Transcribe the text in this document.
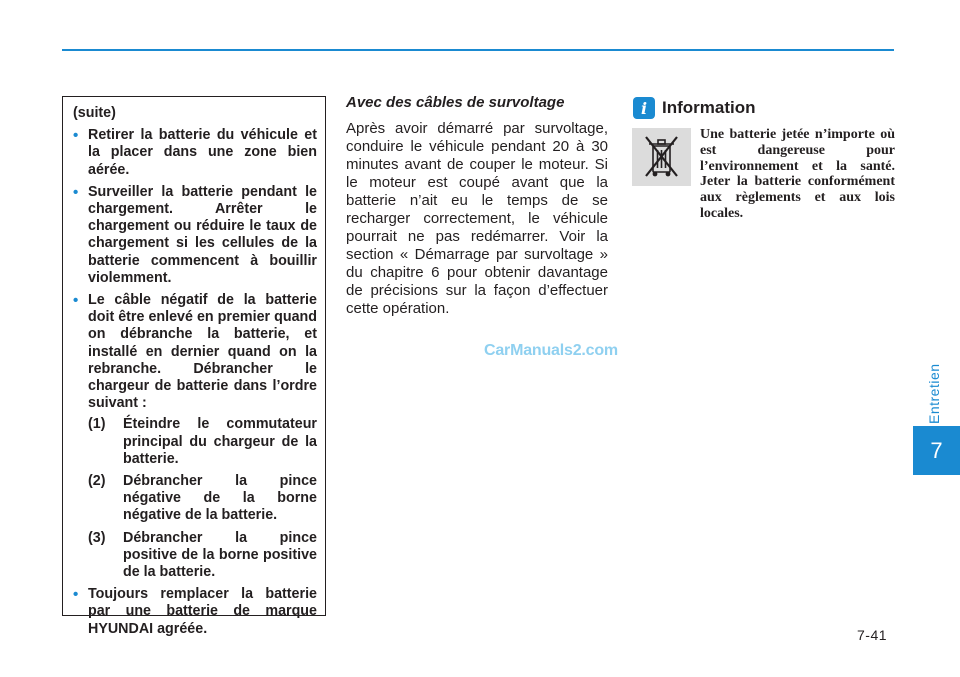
(suite)
• Retirer la batterie du véhicule et la placer dans une zone bien aérée.
• Surveiller la batterie pendant le chargement. Arrêter le chargement ou réduire le taux de chargement si les cellules de la batterie commencent à bouillir violemment.
• Le câble négatif de la batterie doit être enlevé en premier quand on débranche la batterie, et installé en dernier quand on la rebranche. Débrancher le chargeur de batterie dans l’ordre suivant :
(1)	Éteindre le commutateur principal du chargeur de la batterie.
(2)	Débrancher la pince négative de la borne négative de la batterie.
(3)	Débrancher la pince positive de la borne positive de la batterie.
• Toujours remplacer la batterie par une batterie de marque HYUNDAI agréée.
Avec des câbles de survoltage

Après avoir démarré par survoltage, conduire le véhicule pendant 20 à 30 minutes avant de couper le moteur. Si le moteur est coupé avant que la batterie n’ait eu le temps de se recharger correctement, le véhicule pourrait ne pas redémarrer. Voir la section « Démarrage par survoltage » du chapitre 6 pour obtenir davantage de précisions sur la façon d’effectuer cette opération.

CarManuals2.com
i Information
Une batterie jetée n’importe où est dangereuse pour l’environnement et la santé. Jeter la batterie conformément aux règlements et aux lois locales.
Entretien
7
7-41
